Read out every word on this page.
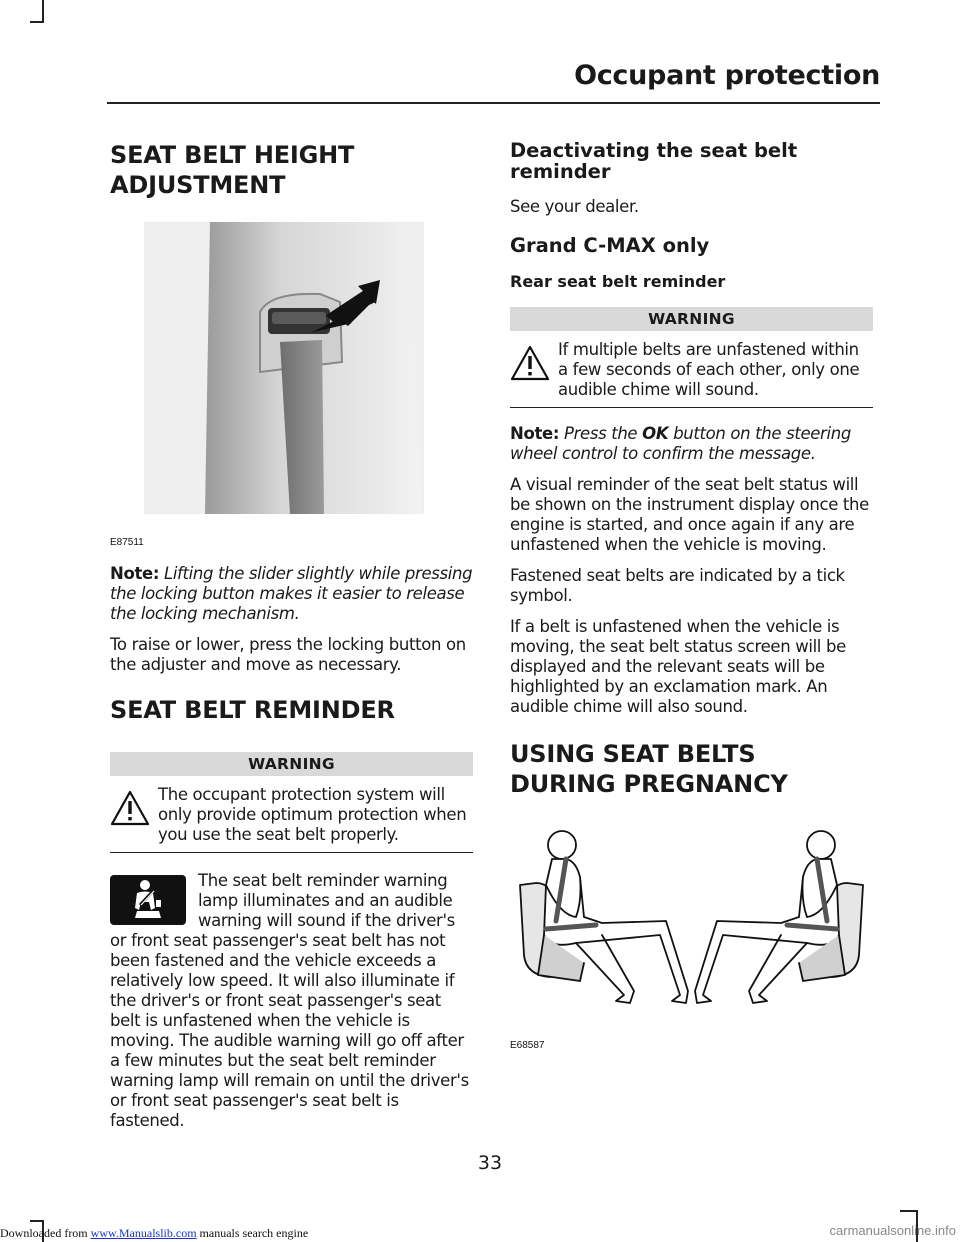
Occupant protection
SEAT BELT HEIGHT ADJUSTMENT
E87511

Note: Lifting the slider slightly while pressing the locking button makes it easier to release the locking mechanism.

To raise or lower, press the locking button on the adjuster and move as necessary.

SEAT BELT REMINDER
WARNING

The occupant protection system will only provide optimum protection when you use the seat belt properly.

The seat belt reminder warning lamp illuminates and an audible warning will sound if the driver's or front seat passenger's seat belt has not been fastened and the vehicle exceeds a relatively low speed. It will also illuminate if the driver's or front seat passenger's seat belt is unfastened when the vehicle is moving. The audible warning will go off after a few minutes but the seat belt reminder warning lamp will remain on until the driver's or front seat passenger's seat belt is fastened.

Deactivating the seat belt reminder

See your dealer.

Grand C-MAX only
Rear seat belt reminder
WARNING

If multiple belts are unfastened within a few seconds of each other, only one audible chime will sound.

Note: Press the OK button on the steering wheel control to confirm the message.

A visual reminder of the seat belt status will be shown on the instrument display once the engine is started, and once again if any are unfastened when the vehicle is moving.

Fastened seat belts are indicated by a tick symbol.

If a belt is unfastened when the vehicle is moving, the seat belt status screen will be displayed and the relevant seats will be highlighted by an exclamation mark. An audible chime will also sound.

USING SEAT BELTS DURING PREGNANCY
E68587
33
Downloaded from www.Manualslib.com manuals search engine	carmanualsonline.info
